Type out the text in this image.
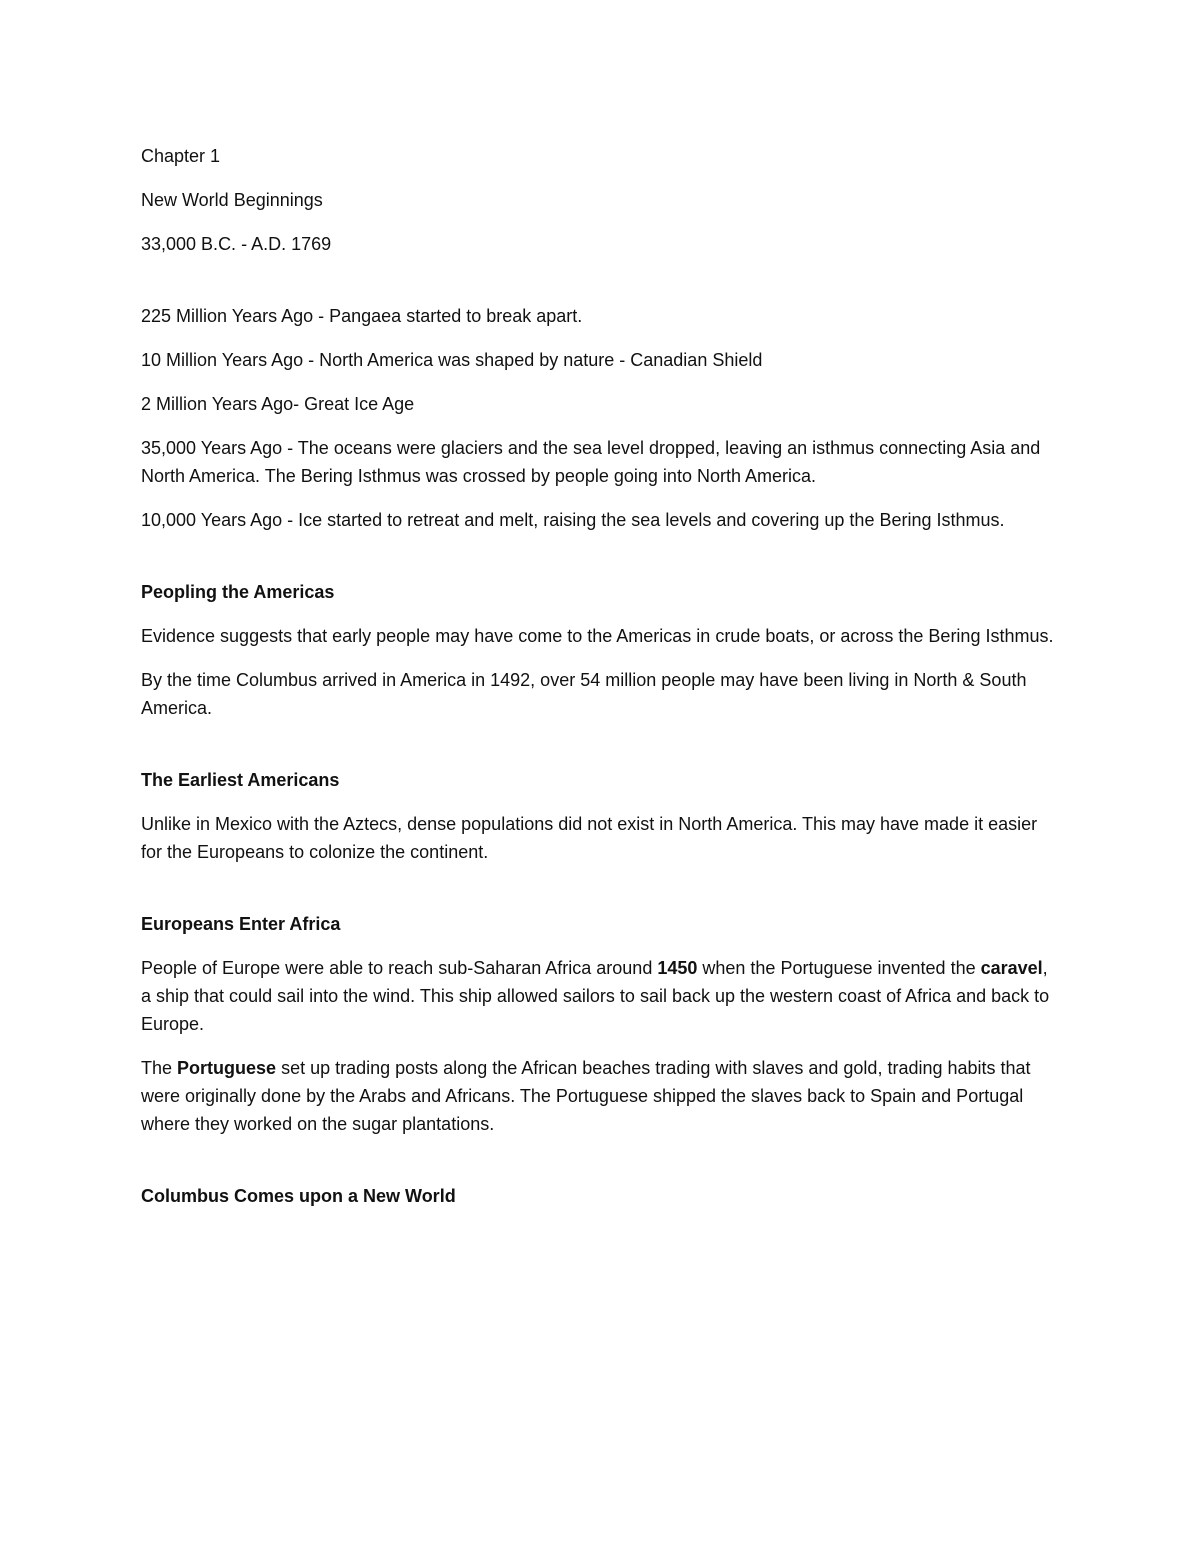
Chapter 1

New World Beginnings

33,000 B.C. - A.D. 1769

225 Million Years Ago - Pangaea started to break apart.

10 Million Years Ago - North America was shaped by nature - Canadian Shield

2 Million Years Ago- Great Ice Age

35,000 Years Ago - The oceans were glaciers and the sea level dropped, leaving an isthmus connecting Asia and North America. The Bering Isthmus was crossed by people going into North America.

10,000 Years Ago - Ice started to retreat and melt, raising the sea levels and covering up the Bering Isthmus.

Peopling the Americas

Evidence suggests that early people may have come to the Americas in crude boats, or across the Bering Isthmus.

By the time Columbus arrived in America in 1492, over 54 million people may have been living in North & South America.

The Earliest Americans

Unlike in Mexico with the Aztecs, dense populations did not exist in North America. This may have made it easier for the Europeans to colonize the continent.

Europeans Enter Africa

People of Europe were able to reach sub-Saharan Africa around 1450 when the Portuguese invented the caravel, a ship that could sail into the wind. This ship allowed sailors to sail back up the western coast of Africa and back to Europe.

The Portuguese set up trading posts along the African beaches trading with slaves and gold, trading habits that were originally done by the Arabs and Africans. The Portuguese shipped the slaves back to Spain and Portugal where they worked on the sugar plantations.

Columbus Comes upon a New World
